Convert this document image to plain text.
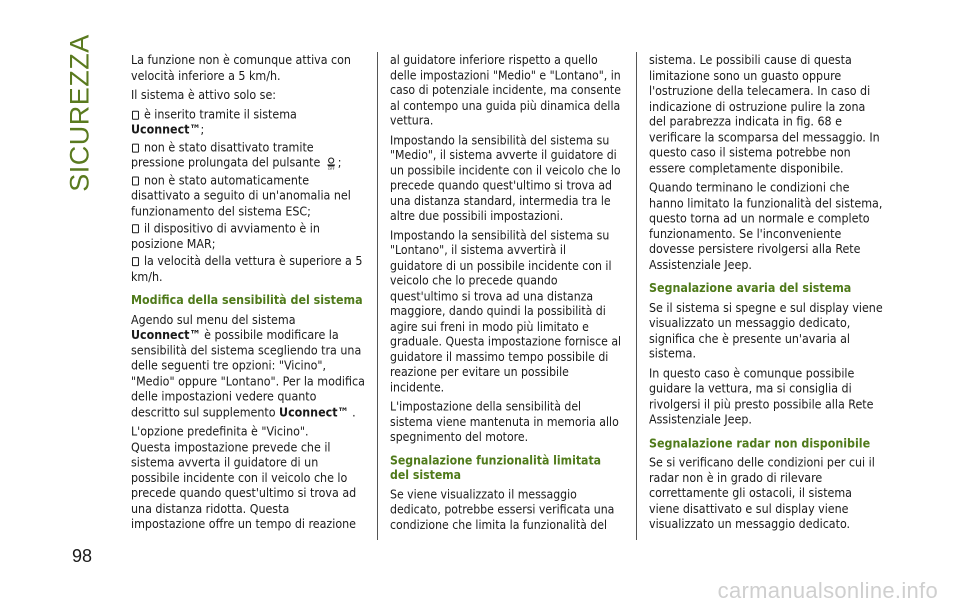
SICUREZZA
98

La funzione non è comunque attiva con velocità inferiore a 5 km/h.

Il sistema è attivo solo se:

è inserito tramite il sistema
Uconnect™;
non è stato disattivato tramite pressione prolungata del pulsante OFF ;
non è stato automaticamente disattivato a seguito di un'anomalia nel funzionamento del sistema ESC;
il dispositivo di avviamento è in posizione MAR;
la velocità della vettura è superiore a 5 km/h.
Modifica della sensibilità del sistema

Agendo sul menu del sistema Uconnect™ è possibile modificare la sensibilità del sistema scegliendo tra una delle seguenti tre opzioni: "Vicino", "Medio" oppure "Lontano". Per la modifica delle impostazioni vedere quanto descritto sul supplemento Uconnect™ .

L'opzione predefinita è "Vicino".

Questa impostazione prevede che il sistema avverta il guidatore di un possibile incidente con il veicolo che lo precede quando quest'ultimo si trova ad una distanza ridotta. Questa impostazione offre un tempo di reazione

al guidatore inferiore rispetto a quello delle impostazioni "Medio" e "Lontano", in caso di potenziale incidente, ma consente al contempo una guida più dinamica della vettura.

Impostando la sensibilità del sistema su "Medio", il sistema avverte il guidatore di un possibile incidente con il veicolo che lo precede quando quest'ultimo si trova ad una distanza standard, intermedia tra le altre due possibili impostazioni.

Impostando la sensibilità del sistema su "Lontano", il sistema avvertirà il guidatore di un possibile incidente con il veicolo che lo precede quando quest'ultimo si trova ad una distanza maggiore, dando quindi la possibilità di agire sui freni in modo più limitato e graduale. Questa impostazione fornisce al guidatore il massimo tempo possibile di reazione per evitare un possibile incidente.

L'impostazione della sensibilità del sistema viene mantenuta in memoria allo spegnimento del motore.

Segnalazione funzionalità limitata del sistema

Se viene visualizzato il messaggio dedicato, potrebbe essersi verificata una condizione che limita la funzionalità del

sistema. Le possibili cause di questa limitazione sono un guasto oppure l'ostruzione della telecamera. In caso di indicazione di ostruzione pulire la zona del parabrezza indicata in fig. 68 e verificare la scomparsa del messaggio. In questo caso il sistema potrebbe non essere completamente disponibile.

Quando terminano le condizioni che hanno limitato la funzionalità del sistema, questo torna ad un normale e completo funzionamento. Se l'inconveniente dovesse persistere rivolgersi alla Rete Assistenziale Jeep.

Segnalazione avaria del sistema

Se il sistema si spegne e sul display viene visualizzato un messaggio dedicato, significa che è presente un'avaria al sistema.

In questo caso è comunque possibile guidare la vettura, ma si consiglia di rivolgersi il più presto possibile alla Rete Assistenziale Jeep.

Segnalazione radar non disponibile

Se si verificano delle condizioni per cui il radar non è in grado di rilevare correttamente gli ostacoli, il sistema viene disattivato e sul display viene visualizzato un messaggio dedicato.

carmanualsonline.info
